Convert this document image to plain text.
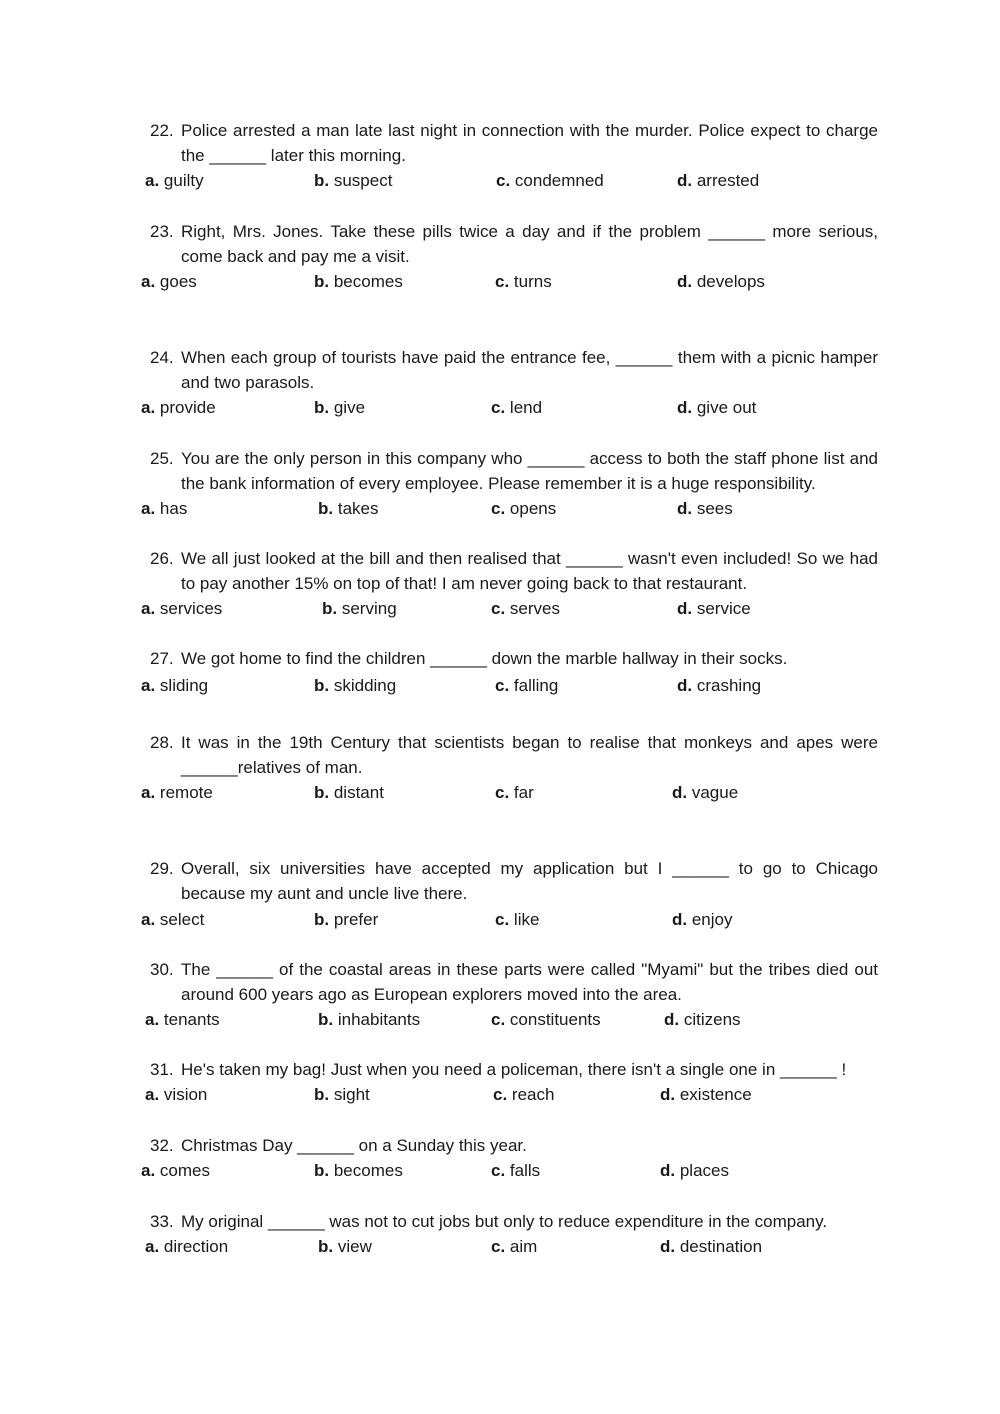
22. Police arrested a man late last night in connection with the murder. Police expect to charge the ______ later this morning.
a. guilty	b. suspect	c. condemned	d. arrested
23. Right, Mrs. Jones. Take these pills twice a day and if the problem ______ more serious, come back and pay me a visit.
a. goes	b. becomes	c. turns	d. develops
24. When each group of tourists have paid the entrance fee, ______ them with a picnic hamper and two parasols.
a. provide	b. give	c. lend	d. give out
25. You are the only person in this company who ______ access to both the staff phone list and the bank information of every employee. Please remember it is a huge responsibility.
a. has	b. takes	c. opens	d. sees
26. We all just looked at the bill and then realised that ______ wasn't even included! So we had to pay another 15% on top of that! I am never going back to that restaurant.
a. services	b. serving	c. serves	d. service
27. We got home to find the children ______ down the marble hallway in their socks.
a. sliding	b. skidding	c. falling	d. crashing
28. It was in the 19th Century that scientists began to realise that monkeys and apes were ______relatives of man.
a. remote	b. distant	c. far	d. vague
29. Overall, six universities have accepted my application but I ______ to go to Chicago because my aunt and uncle live there.
a. select	b. prefer	c. like	d. enjoy
30. The ______ of the coastal areas in these parts were called "Myami" but the tribes died out around 600 years ago as European explorers moved into the area.
a. tenants	b. inhabitants	c. constituents	d. citizens
31. He's taken my bag! Just when you need a policeman, there isn't a single one in ______ !
a. vision	b. sight	c. reach	d. existence
32. Christmas Day ______ on a Sunday this year.
a. comes	b. becomes	c. falls	d. places
33. My original ______ was not to cut jobs but only to reduce expenditure in the company.
a. direction	b. view	c. aim	d. destination
